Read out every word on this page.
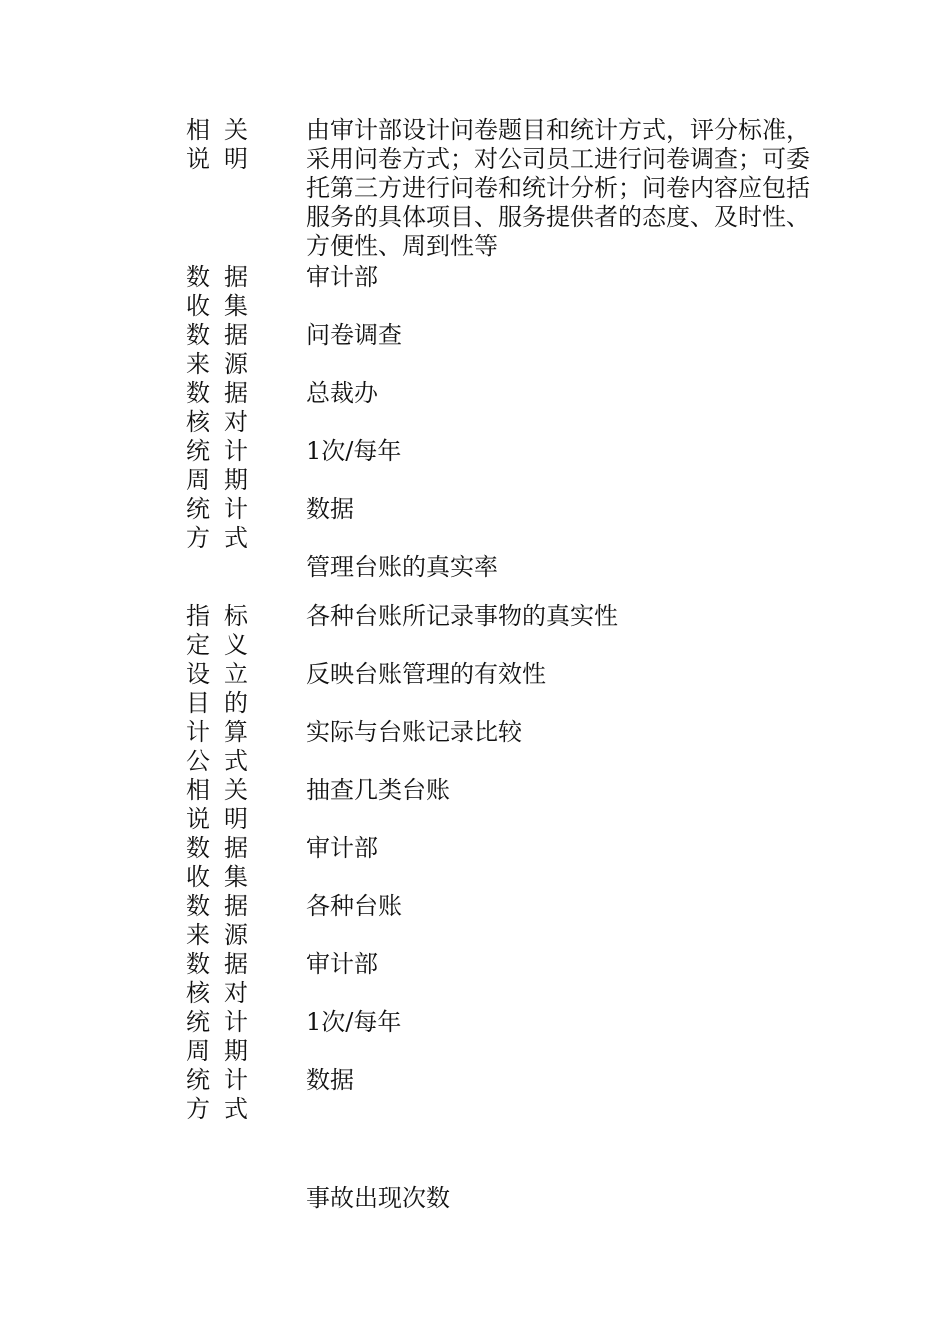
相关说明
由审计部设计问卷题目和统计方式，评分标准，采用问卷方式；对公司员工进行问卷调查；可委托第三方进行问卷和统计分析；问卷内容应包括服务的具体项目、服务提供者的态度、及时性、方便性、周到性等
数据收集
审计部
数据来源
问卷调查
数据核对
总裁办
统计周期
1次/每年
统计方式
数据
管理台账的真实率
指标定义
各种台账所记录事物的真实性
设立目的
反映台账管理的有效性
计算公式
实际与台账记录比较
相关说明
抽查几类台账
数据收集
审计部
数据来源
各种台账
数据核对
审计部
统计周期
1次/每年
统计方式
数据
事故出现次数
